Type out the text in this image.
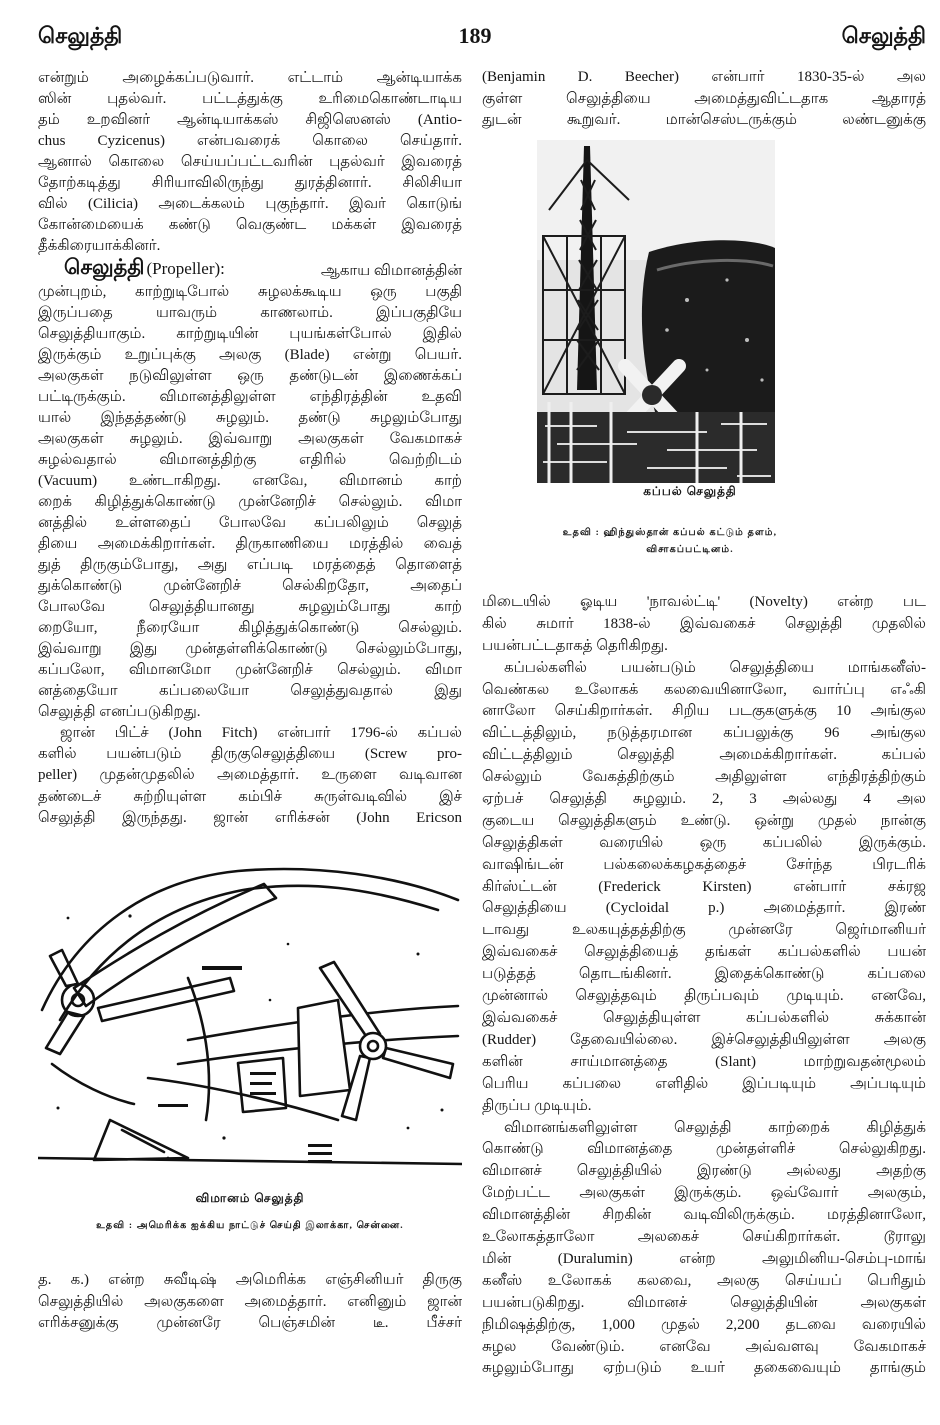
செலுத்தி	189	செலுத்தி
என்றும் அழைக்கப்படுவார். எட்டாம் ஆன்டியாக்க
ஸின் புதல்வர். பட்டத்துக்கு உரிமைகொண்டாடிய
தம் உறவினர் ஆன்டியாக்கஸ் சிஜிஸெனஸ் (Antio-
chus Cyzicenus) என்பவரைக் கொலை செய்தார்.
ஆனால் கொலை செய்யப்பட்டவரின் புதல்வர் இவரைத்
தோற்கடித்து சிரியாவிலிருந்து துரத்தினார். சிலிசியா
வில் (Cilicia) அடைக்கலம் புகுந்தார். இவர் கொடுங்
கோன்மையைக் கண்டு வெகுண்ட மக்கள் இவரைத்
தீக்கிரையாக்கினர்.
செலுத்தி (Propeller):	ஆகாய விமானத்தின்
முன்புறம், காற்றுடிபோல் சுழலக்கூடிய ஒரு பகுதி
இருப்பதை யாவரும் காணலாம். இப்பகுதியே
செலுத்தியாகும். காற்றுடியின் புயங்கள்போல் இதில்
இருக்கும் உறுப்புக்கு அலகு (Blade) என்று பெயர்.
அலகுகள் நடுவிலுள்ள ஒரு தண்டுடன் இணைக்கப்
பட்டிருக்கும். விமானத்திலுள்ள எந்திரத்தின் உதவி
யால் இந்தத்தண்டு சுழலும். தண்டு சுழலும்போது
அலகுகள் சுழலும். இவ்வாறு அலகுகள் வேகமாகச்
சுழல்வதால் விமானத்திற்கு எதிரில் வெற்றிடம்
(Vacuum) உண்டாகிறது. எனவே, விமானம் காற்
றைக் கிழித்துக்கொண்டு முன்னேறிச் செல்லும். விமா
னத்தில் உள்ளதைப் போலவே கப்பலிலும் செலுத்
தியை அமைக்கிறார்கள். திருகாணியை மரத்தில் வைத்
துத் திருகும்போது, அது எப்படி மரத்தைத் தொளைத்
துக்கொண்டு முன்னேறிச் செல்கிறதோ, அதைப்
போலவே செலுத்தியானது சுழலும்போது காற்
றையோ, நீரையோ கிழித்துக்கொண்டு செல்லும்.
இவ்வாறு இது முன்தள்ளிக்கொண்டு செல்லும்போது,
கப்பலோ, விமானமோ முன்னேறிச் செல்லும். விமா
னத்தையோ கப்பலையோ செலுத்துவதால் இது
செலுத்தி எனப்படுகிறது.
ஜான் பிட்ச் (John Fitch) என்பார் 1796-ல் கப்பல்
களில் பயன்படும் திருகுசெலுத்தியை (Screw pro-
peller) முதன்முதலில் அமைத்தார். உருளை வடிவான
தண்டைச் சுற்றியுள்ள கம்பிச் சுருள்வடிவில் இச்
செலுத்தி இருந்தது. ஜான் எரிக்சன் (John Ericson
விமானம் செலுத்தி
உதவி : அமெரிக்க ஐக்கிய நாட்டுச் செய்தி இலாக்கா, சென்னை.
த. க.) என்ற சுவீடிஷ் அமெரிக்க எஞ்சினியர் திருகு
செலுத்தியில் அலகுகளை அமைத்தார். எனினும் ஜான்
எரிக்சனுக்கு முன்னரே பெஞ்சமின் டீ. பீச்சர்
(Benjamin D. Beecher) என்பார் 1830-35-ல் அல
குள்ள செலுத்தியை அமைத்துவிட்டதாக ஆதாரத்
துடன் கூறுவர். மான்செஸ்டருக்கும் லண்டனுக்கு
கப்பல் செலுத்தி
உதவி : ஹிந்துஸ்தான் கப்பல் கட்டும் தளம்,
விசாகப்பட்டினம்.
மிடையில் ஓடிய 'நாவல்ட்டி' (Novelty) என்ற பட
கில் சுமார் 1838-ல் இவ்வகைச் செலுத்தி முதலில்
பயன்பட்டதாகத் தெரிகிறது.
கப்பல்களில் பயன்படும் செலுத்தியை மாங்கனீஸ்-
வெண்கல உலோகக் கலவையினாலோ, வார்ப்பு எஃகி
னாலோ செய்கிறார்கள். சிறிய படகுகளுக்கு 10 அங்குல
விட்டத்திலும், நடுத்தரமான கப்பலுக்கு 96 அங்குல
விட்டத்திலும் செலுத்தி அமைக்கிறார்கள். கப்பல்
செல்லும் வேகத்திற்கும் அதிலுள்ள எந்திரத்திற்கும்
ஏற்பச் செலுத்தி சுழலும். 2, 3 அல்லது 4 அல
குடைய செலுத்திகளும் உண்டு. ஒன்று முதல் நான்கு
செலுத்திகள் வரையில் ஒரு கப்பலில் இருக்கும்.
வாஷிங்டன் பல்கலைக்கழகத்தைச் சேர்ந்த பிரடரிக்
கிர்ஸ்ட்டன் (Frederick Kirsten) என்பார் சக்ரஜ
செலுத்தியை (Cycloidal p.) அமைத்தார். இரண்
டாவது உலகயுத்தத்திற்கு முன்னரே ஜெர்மானியர்
இவ்வகைச் செலுத்தியைத் தங்கள் கப்பல்களில் பயன்
படுத்தத் தொடங்கினர். இதைக்கொண்டு கப்பலை
முன்னால் செலுத்தவும் திருப்பவும் முடியும். எனவே,
இவ்வகைச் செலுத்தியுள்ள கப்பல்களில் சுக்கான்
(Rudder) தேவையில்லை. இச்செலுத்தியிலுள்ள அலகு
களின் சாய்மானத்தை (Slant) மாற்றுவதன்மூலம்
பெரிய கப்பலை எளிதில் இப்படியும் அப்படியும்
திருப்ப முடியும்.
விமானங்களிலுள்ள செலுத்தி காற்றைக் கிழித்துக்
கொண்டு விமானத்தை முன்தள்ளிச் செல்லுகிறது.
விமானச் செலுத்தியில் இரண்டு அல்லது அதற்கு
மேற்பட்ட அலகுகள் இருக்கும். ஒவ்வோர் அலகும்,
விமானத்தின் சிறகின் வடிவிலிருக்கும். மரத்தினாலோ,
உலோகத்தாலோ அலகைச் செய்கிறார்கள். டூராலு
மின் (Duralumin) என்ற அலுமினிய-செம்பு-மாங்
கனீஸ் உலோகக் கலவை, அலகு செய்யப் பெரிதும்
பயன்படுகிறது. விமானச் செலுத்தியின் அலகுகள்
நிமிஷத்திற்கு, 1,000 முதல் 2,200 தடவை வரையில்
சுழல வேண்டும். எனவே அவ்வளவு வேகமாகச்
சுழலும்போது ஏற்படும் உயர் தகைவையும் தாங்கும்
